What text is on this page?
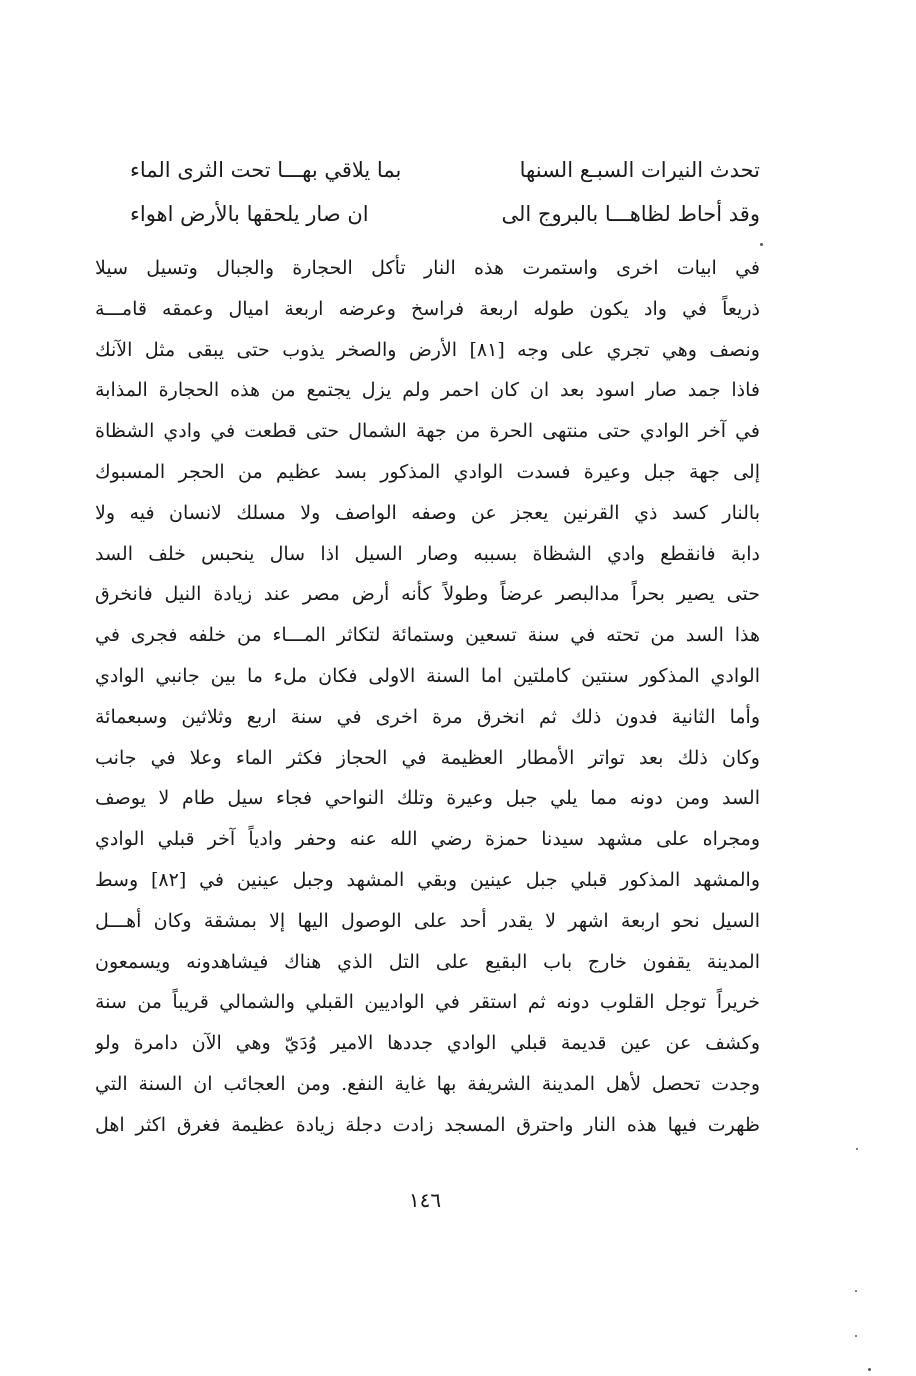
تحدث النيرات السبـع السنها
بما يلاقي بهـــا تحت الثرى الماء
وقد أحاط لظاهـــا بالبروج الى
ان صار يلحقها بالأرض اهواء
في ابيات اخرى واستمرت هذه النار تأكل الحجارة والجبال وتسيل سيلا
ذريعاً في واد يكون طوله اربعة فراسخ وعرضه اربعة اميال وعمقه قامـــة
ونصف وهي تجري على وجه [٨١] الأرض والصخر يذوب حتى يبقى مثل الآنك
فاذا جمد صار اسود بعد ان كان احمر ولم يزل يجتمع من هذه الحجارة المذابة
في آخر الوادي حتى منتهى الحرة من جهة الشمال حتى قطعت في وادي الشظاة
إلى جهة جبل وعيرة فسدت الوادي المذكور بسد عظيم من الحجر المسبوك
بالنار كسد ذي القرنين يعجز عن وصفه الواصف ولا مسلك لانسان فيه ولا
دابة فانقطع وادي الشظاة بسببه وصار السيل اذا سال ينحبس خلف السد
حتى يصير بحراً مدالبصر عرضاً وطولاً كأنه أرض مصر عند زيادة النيل فانخرق
هذا السد من تحته في سنة تسعين وستمائة لتكاثر المـــاء من خلفه فجرى في
الوادي المذكور سنتين كاملتين اما السنة الاولى فكان ملء ما بين جانبي الوادي
وأما الثانية فدون ذلك ثم انخرق مرة اخرى في سنة اربع وثلاثين وسبعمائة
وكان ذلك بعد تواتر الأمطار العظيمة في الحجاز فكثر الماء وعلا في جانب
السد ومن دونه مما يلي جبل وعيرة وتلك النواحي فجاء سيل طام لا يوصف
ومجراه على مشهد سيدنا حمزة رضي الله عنه وحفر وادياً آخر قبلي الوادي
والمشهد المذكور قبلي جبل عينين وبقي المشهد وجبل عينين في [٨٢] وسط
السيل نحو اربعة اشهر لا يقدر أحد على الوصول اليها إلا بمشقة وكان أهـــل
المدينة يقفون خارج باب البقيع على التل الذي هناك فيشاهدونه ويسمعون
خريراً توجل القلوب دونه ثم استقر في الواديين القبلي والشمالي قريباً من سنة
وكشف عن عين قديمة قبلي الوادي جددها الامير وُدَيّ وهي الآن دامرة ولو
وجدت تحصل لأهل المدينة الشريفة بها غاية النفع. ومن العجائب ان السنة التي
ظهرت فيها هذه النار واحترق المسجد زادت دجلة زيادة عظيمة فغرق اكثر اهل
١٤٦
